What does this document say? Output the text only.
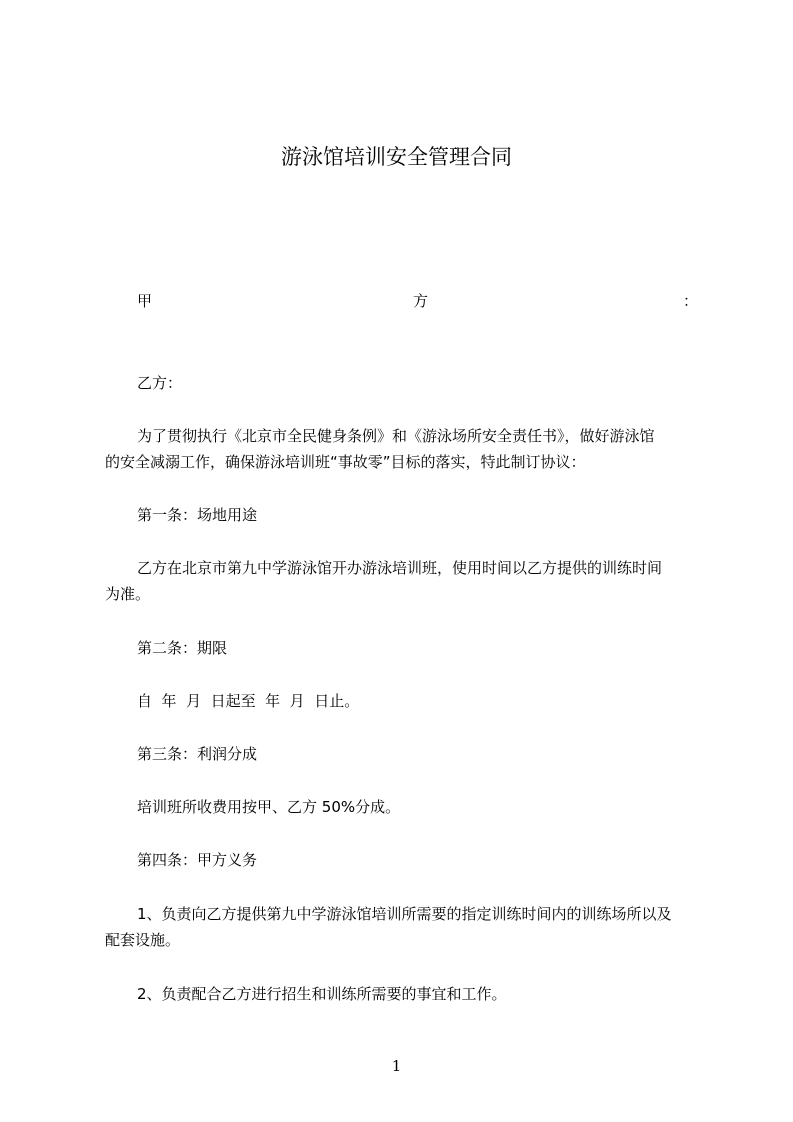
游泳馆培训安全管理合同
甲	方	：
乙方：
为了贯彻执行《北京市全民健身条例》和《游泳场所安全责任书》，做好游泳馆
的安全减溺工作，确保游泳培训班“事故零”目标的落实，特此制订协议：
第一条：场地用途
乙方在北京市第九中学游泳馆开办游泳培训班，使用时间以乙方提供的训练时间
为准。
第二条：期限
自  年  月  日起至  年  月  日止。
第三条：利润分成
培训班所收费用按甲、乙方 50%分成。
第四条：甲方义务
1、负责向乙方提供第九中学游泳馆培训所需要的指定训练时间内的训练场所以及
配套设施。
2、负责配合乙方进行招生和训练所需要的事宜和工作。
1
